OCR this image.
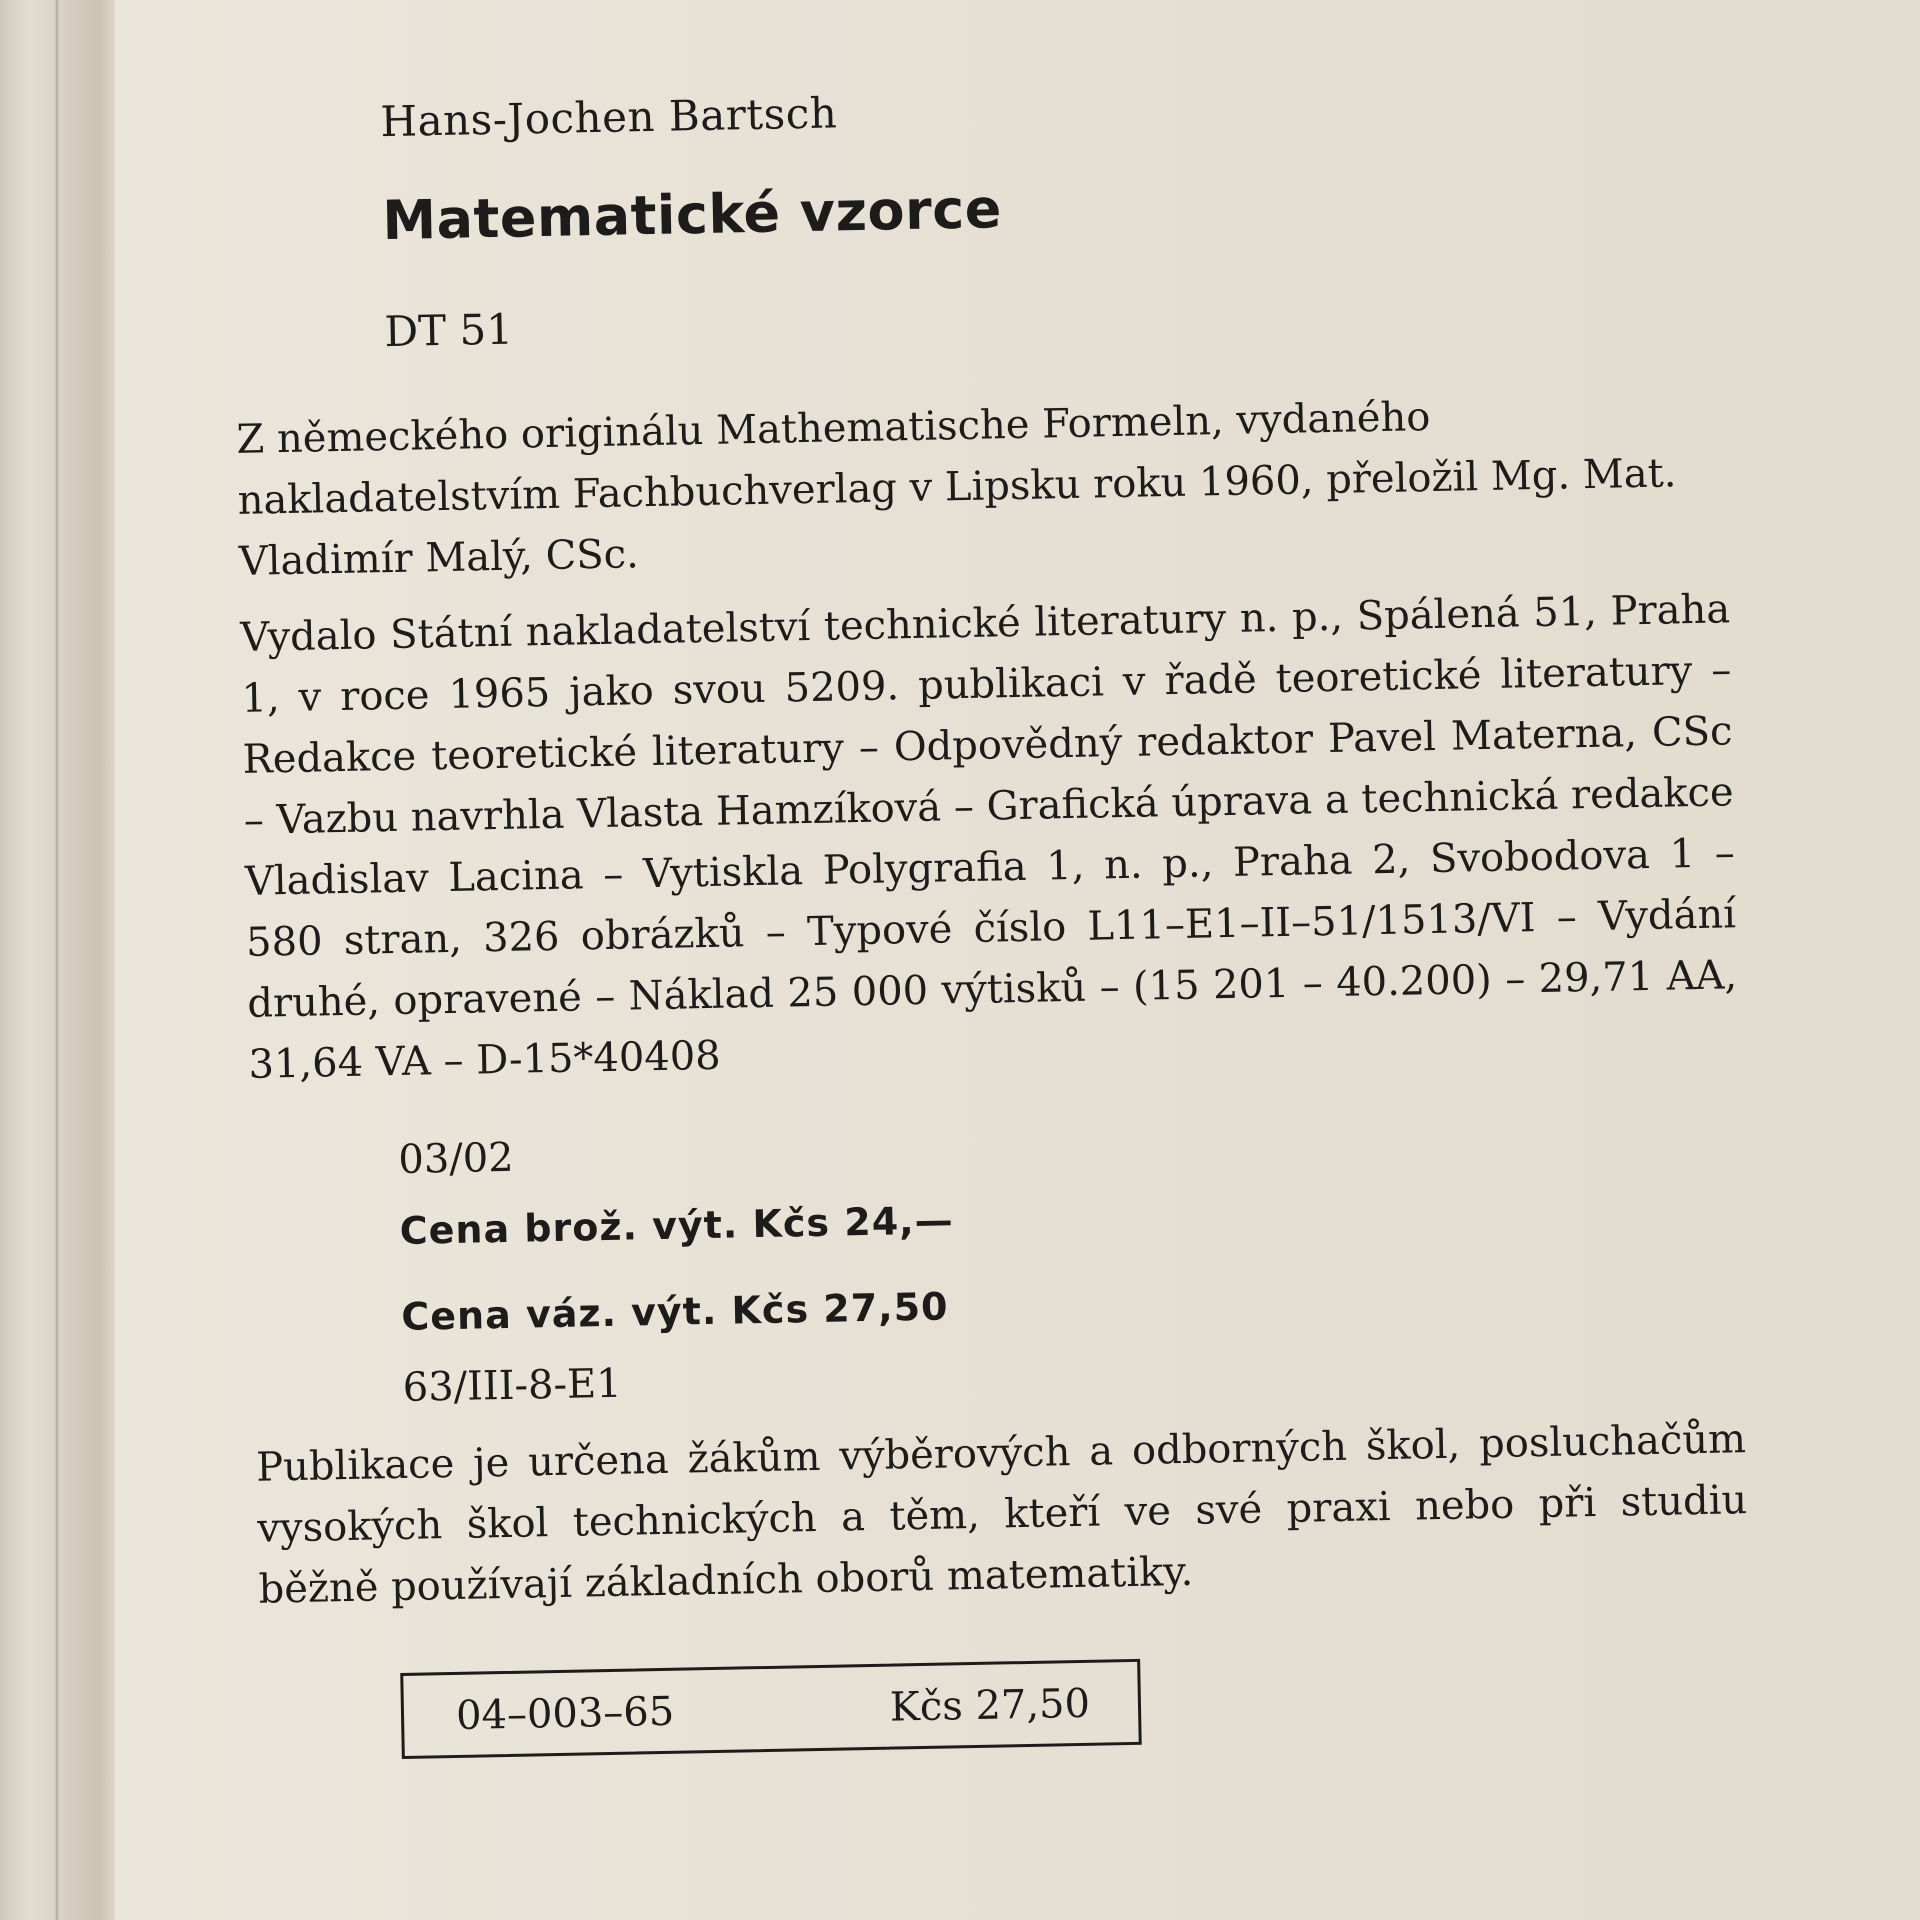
Hans-Jochen Bartsch
Matematické vzorce
DT 51
Z německého originálu Mathematische Formeln, vydaného nakladatelstvím Fachbuchverlag v Lipsku roku 1960, přeložil Mg. Mat. Vladimír Malý, CSc.
Vydalo Státní nakladatelství technické literatury n. p., Spálená 51, Praha 1, v roce 1965 jako svou 5209. publikaci v řadě teoretické literatury – Redakce teoretické literatury – Odpovědný redaktor Pavel Materna, CSc – Vazbu navrhla Vlasta Hamzíková – Grafická úprava a technická redakce Vladislav Lacina – Vytiskla Polygrafia 1, n. p., Praha 2, Svobodova 1 – 580 stran, 326 obrázků – Typové číslo L11–E1–II–51/1513/VI – Vydání druhé, opravené – Náklad 25 000 výtisků – (15 201 – 40.200) – 29,71 AA, 31,64 VA – D-15*40408
03/02
Cena brož. výt. Kčs 24,—
Cena váz. výt. Kčs 27,50
63/III-8-E1
Publikace je určena žákům výběrových a odborných škol, posluchačům vysokých škol technických a těm, kteří ve své praxi nebo při studiu běžně používají základních oborů matematiky.
04–003–65	Kčs 27,50
